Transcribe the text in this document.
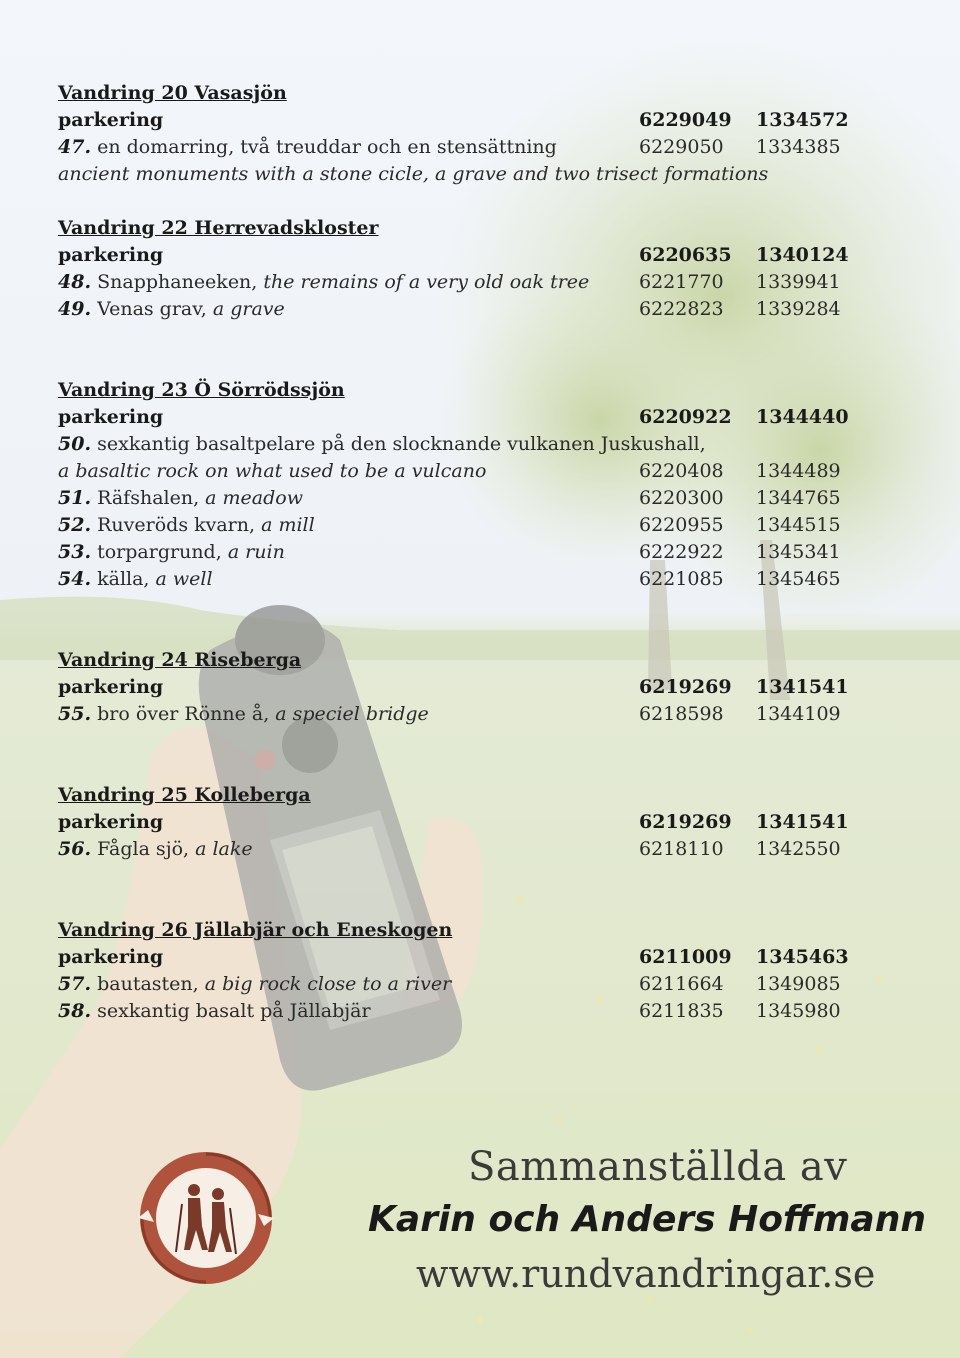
Vandring 20 Vasasjön
parkering	6229049 1334572
47. en domarring, två treuddar och en stensättning	6229050 1334385
ancient monuments with a stone cicle, a grave and two trisect formations
Vandring 22 Herrevadskloster
parkering	6220635 1340124
48. Snapphaneeken, the remains of a very old oak tree	6221770 1339941
49. Venas grav, a grave	6222823 1339284
Vandring 23 Ö Sörrödssjön
parkering	6220922 1344440
50. sexkantig basaltpelare på den slocknande vulkanen Juskushall,
a basaltic rock on what used to be a vulcano	6220408 1344489
51. Räfshalen, a meadow	6220300 1344765
52. Ruveröds kvarn, a mill	6220955 1344515
53. torpargrund, a ruin	6222922 1345341
54. källa, a well	6221085 1345465
Vandring 24 Riseberga
parkering	6219269 1341541
55. bro över Rönne å, a speciel bridge	6218598 1344109
Vandring 25 Kolleberga
parkering	6219269 1341541
56. Fågla sjö, a lake	6218110 1342550
Vandring 26 Jällabjär och Eneskogen
parkering	6211009 1345463
57. bautasten, a big rock close to a river	6211664 1349085
58. sexkantig basalt på Jällabjär	6211835 1345980
Sammanställda av
Karin och Anders Hoffmann
www.rundvandringar.se
